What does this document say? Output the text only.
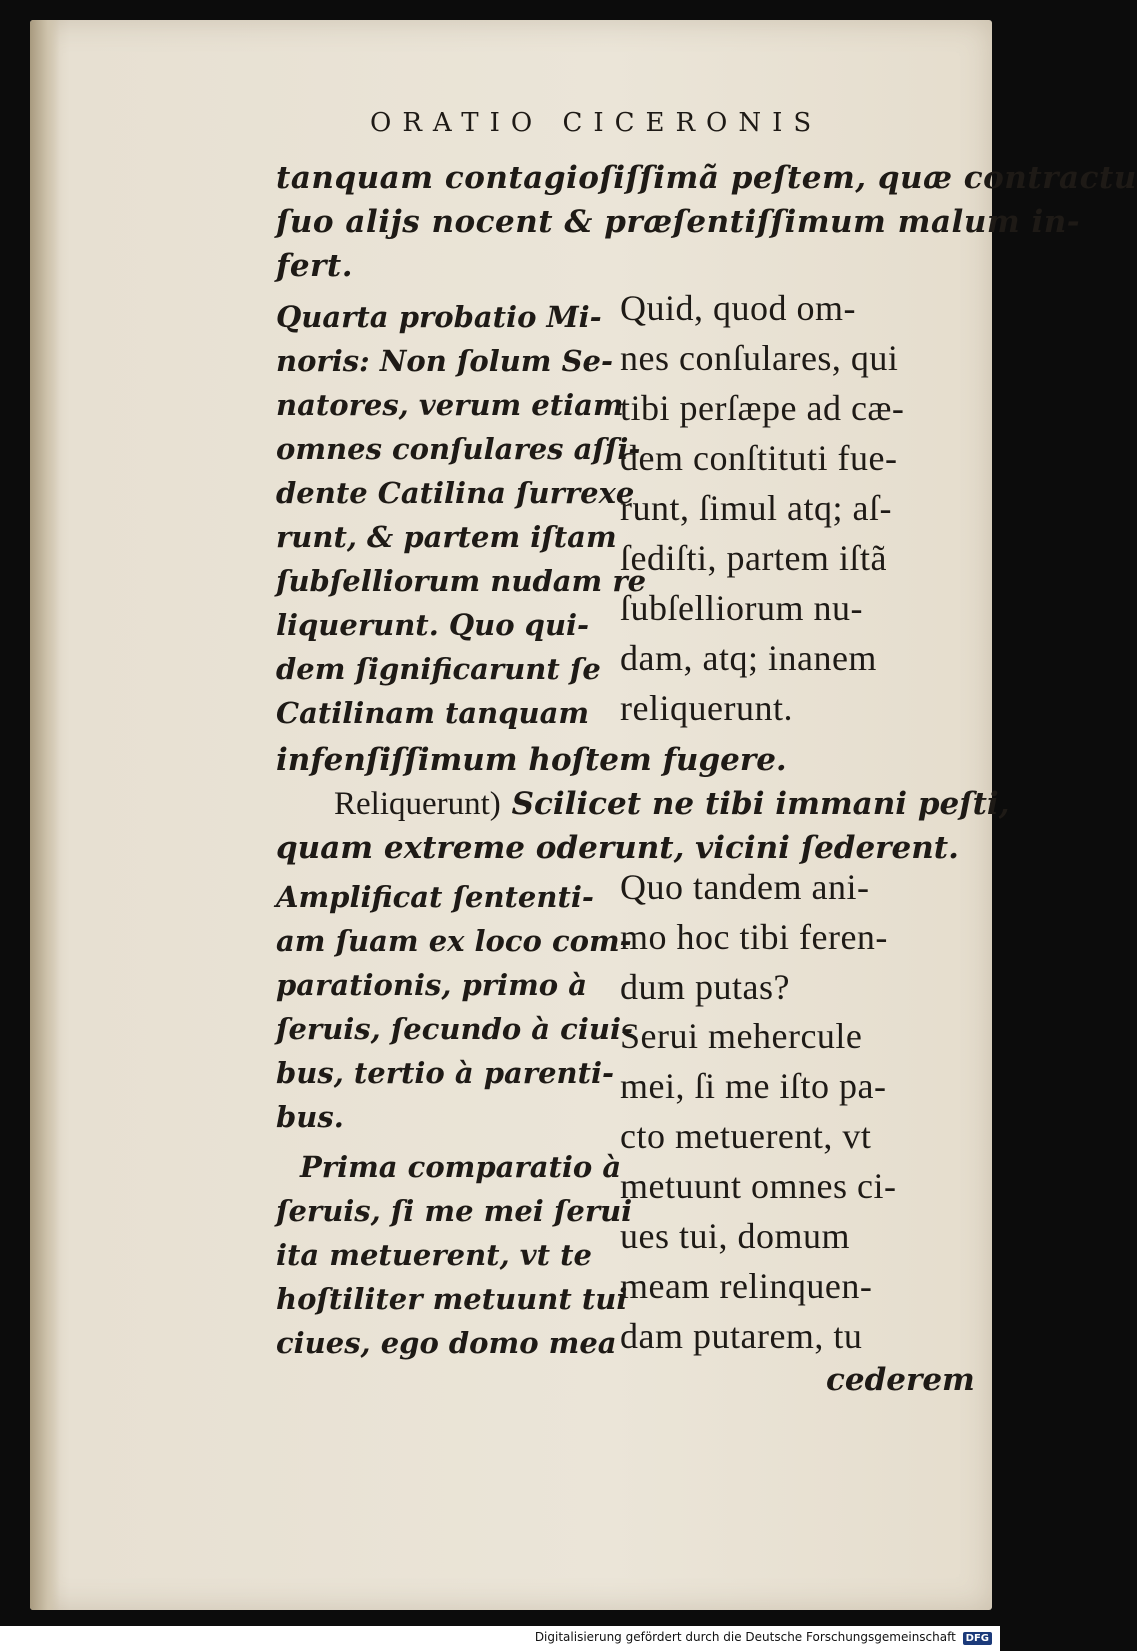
ORATIO CICERONIS
tanquam contagioſiſſimã peſtem, quæ contractu
ſuo alijs nocent & præſentiſſimum malum in-
fert.
Quarta probatio Mi-
noris: Non ſolum Se-
natores, verum etiam
omnes conſulares aſſi-
dente Catilina ſurrexe
runt, & partem iſtam
ſubſelliorum nudam re
liquerunt. Quo qui-
dem ſignificarunt ſe
Catilinam tanquam
Quid, quod om-
nes conſulares, qui
tibi perſæpe ad cæ-
dem conſtituti fue-
runt, ſimul atq; aſ-
ſediſti, partem iſtã
ſubſelliorum nu-
dam, atq; inanem
reliquerunt.
infenſiſſimum hoſtem fugere.
Reliquerunt) Scilicet ne tibi immani peſti,
quam extreme oderunt, vicini ſederent.
Amplificat ſententi-
am ſuam ex loco com-
parationis, primo à
ſeruis, ſecundo à ciui-
bus, tertio à parenti-
bus.
Quo tandem ani-
mo hoc tibi feren-
dum putas?
Prima comparatio à
ſeruis, ſi me mei ſerui
ita metuerent, vt te
hoſtiliter metuunt tui
ciues, ego domo mea
Serui mehercule
mei, ſi me iſto pa-
cto metuerent, vt
metuunt omnes ci-
ues tui, domum
meam relinquen-
dam putarem, tu
cederem
Digitalisierung gefördert durch die Deutsche Forschungsgemeinschaft DFG
